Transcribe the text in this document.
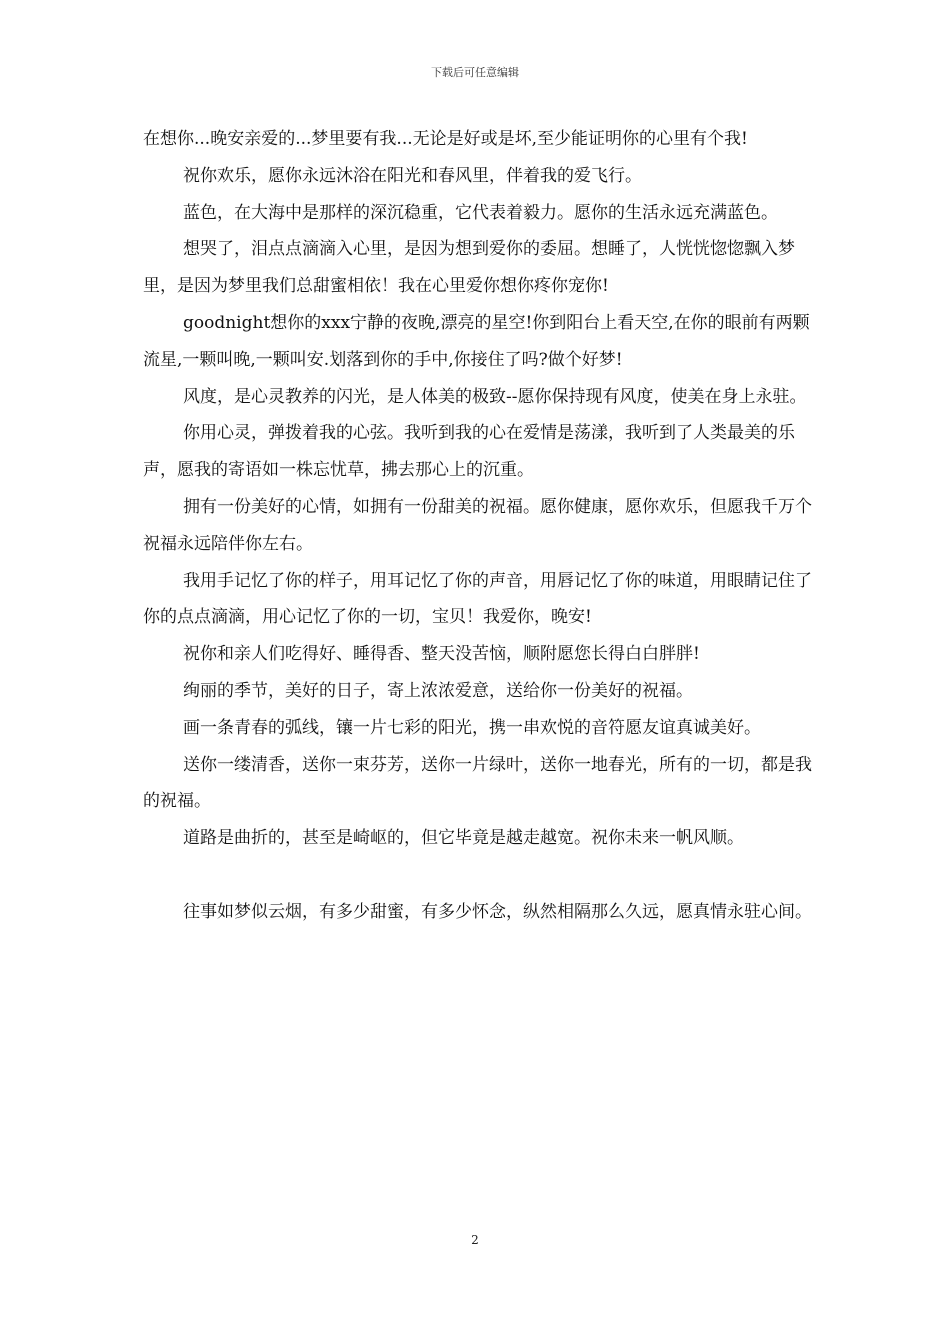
下载后可任意编辑

在想你...晚安亲爱的...梦里要有我...无论是好或是坏,至少能证明你的心里有个我!

祝你欢乐，愿你永远沐浴在阳光和春风里，伴着我的爱飞行。

蓝色，在大海中是那样的深沉稳重，它代表着毅力。愿你的生活永远充满蓝色。

想哭了，泪点点滴滴入心里，是因为想到爱你的委屈。想睡了，人恍恍惚惚飘入梦里，是因为梦里我们总甜蜜相依！我在心里爱你想你疼你宠你!

goodnight想你的xxx宁静的夜晚,漂亮的星空!你到阳台上看天空,在你的眼前有两颗流星,一颗叫晚,一颗叫安.划落到你的手中,你接住了吗?做个好梦!

风度，是心灵教养的闪光，是人体美的极致--愿你保持现有风度，使美在身上永驻。

你用心灵，弹拨着我的心弦。我听到我的心在爱情是荡漾，我听到了人类最美的乐声，愿我的寄语如一株忘忧草，拂去那心上的沉重。

拥有一份美好的心情，如拥有一份甜美的祝福。愿你健康，愿你欢乐，但愿我千万个祝福永远陪伴你左右。

我用手记忆了你的样子，用耳记忆了你的声音，用唇记忆了你的味道，用眼睛记住了你的点点滴滴，用心记忆了你的一切，宝贝！我爱你，晚安!

祝你和亲人们吃得好、睡得香、整天没苦恼，顺附愿您长得白白胖胖!

绚丽的季节，美好的日子，寄上浓浓爱意，送给你一份美好的祝福。

画一条青春的弧线，镶一片七彩的阳光，携一串欢悦的音符愿友谊真诚美好。

送你一缕清香，送你一束芬芳，送你一片绿叶，送你一地春光，所有的一切，都是我的祝福。

道路是曲折的，甚至是崎岖的，但它毕竟是越走越宽。祝你未来一帆风顺。

往事如梦似云烟，有多少甜蜜，有多少怀念，纵然相隔那么久远，愿真情永驻心间。

2
